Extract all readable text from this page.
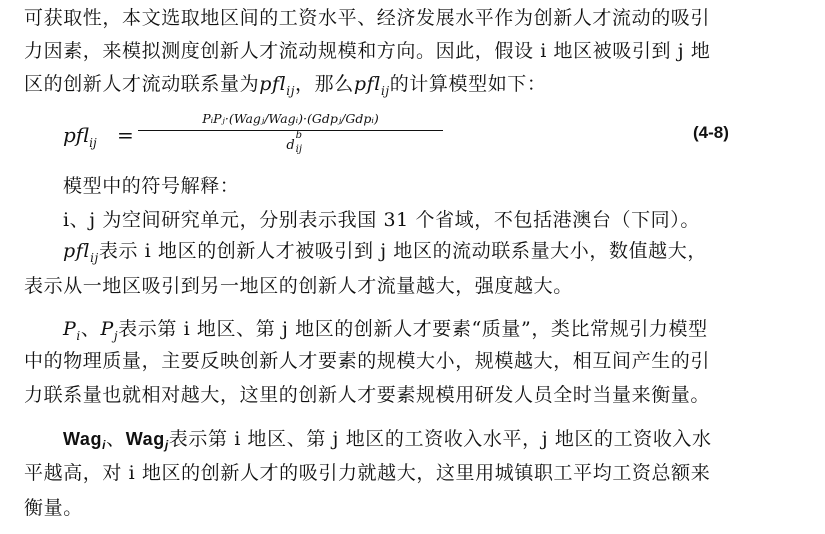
可获取性，本文选取地区间的工资水平、经济发展水平作为创新人才流动的吸引
力因素，来模拟测度创新人才流动规模和方向。因此，假设 i 地区被吸引到 j 地
区的创新人才流动联系量为pfl$_{ij}$，那么pfl$_{ij}$的计算模型如下：
pfl$_{ij}$ =
PᵢPⱼ·(Wagⱼ/Wagᵢ)·(Gdpⱼ/Gdpᵢ)
d
b
ij
(4-8)
模型中的符号解释：
i、j 为空间研究单元，分别表示我国 31 个省域，不包括港澳台（下同）。
pfl$_{ij}$表示 i 地区的创新人才被吸引到 j 地区的流动联系量大小，数值越大，
表示从一地区吸引到另一地区的创新人才流量越大，强度越大。
$P_i$、$P_j$表示第 i 地区、第 j 地区的创新人才要素“质量”，类比常规引力模型
中的物理质量，主要反映创新人才要素的规模大小，规模越大，相互间产生的引
力联系量也就相对越大，这里的创新人才要素规模用研发人员全时当量来衡量。
Wag$_i$、Wag$_j$表示第 i 地区、第 j 地区的工资收入水平，j 地区的工资收入水
平越高，对 i 地区的创新人才的吸引力就越大，这里用城镇职工平均工资总额来
衡量。
